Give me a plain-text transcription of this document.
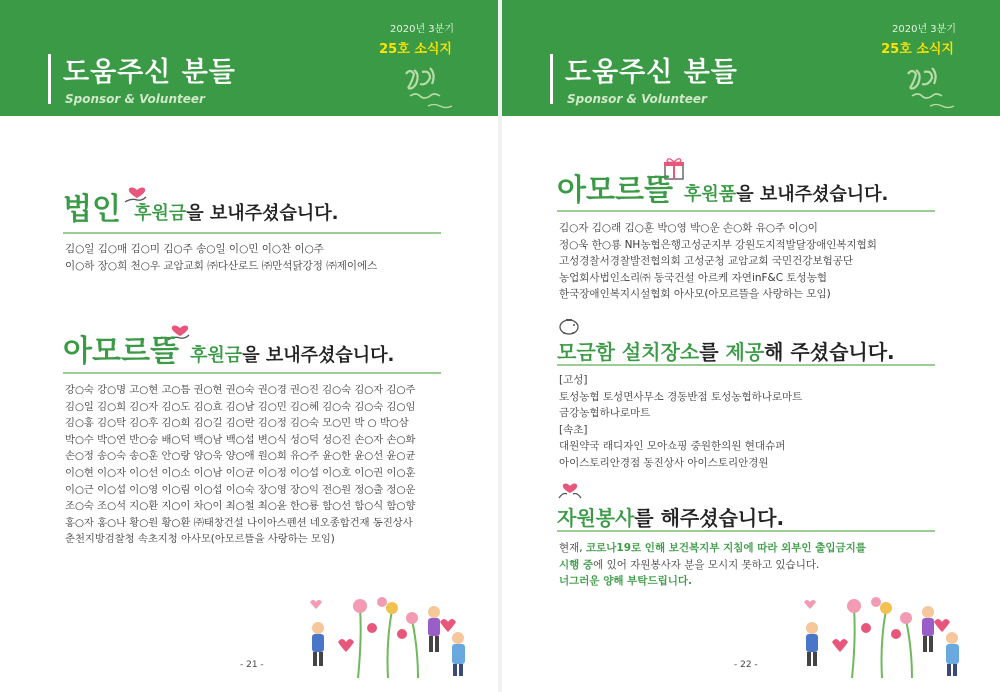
도움주신 분들
Sponsor & Volunteer
2020년 3분기
25호 소식지
법인 후원금을 보내주셨습니다.
김○일 김○매 김○미 김○주 송○일 이○민 이○찬 이○주
이○하 장○희 천○우 교암교회 ㈜다산로드 ㈜만석닭강정 ㈜제이에스
아모르뜰 후원금을 보내주셨습니다.
강○숙 강○명 고○현 고○틈 권○현 권○숙 권○경 권○진 김○숙 김○자 김○주
김○일 김○희 김○자 김○도 김○효 김○남 김○민 김○혜 김○숙 김○숙 김○임
김○홍 김○탁 김○후 김○희 김○길 김○란 김○정 김○숙 모○민 박 ○ 박○삼
박○수 박○연 반○승 배○덕 백○남 백○섭 변○식 성○덕 성○진 손○자 손○화
손○정 송○숙 송○훈 안○랑 양○욱 양○애 원○희 유○주 윤○한 윤○선 윤○균
이○현 이○자 이○선 이○소 이○남 이○균 이○정 이○섭 이○호 이○권 이○훈
이○근 이○섭 이○영 이○림 이○섭 이○숙 장○영 장○익 전○원 정○출 정○운
조○숙 조○석 지○환 지○이 차○이 최○철 최○윤 한○룡 함○선 함○식 함○향
홍○자 홍○나 황○원 황○환 ㈜태창건설 나이아스펜션 네오종합건재 동진상사
춘천지방검찰청 속초지청 아사모(아모르뜰을 사랑하는 모임)
- 21 -
도움주신 분들
Sponsor & Volunteer
2020년 3분기
25호 소식지
아모르뜰 후원품을 보내주셨습니다.
김○자 김○래 김○훈 박○영 박○운 손○화 유○주 이○이
정○욱 한○룡 NH농협은행고성군지부 강원도지적발달장애인복지협회
고성경찰서경찰발전협의회 고성군청 교암교회 국민건강보험공단
농업회사법인소리㈜ 동국건설 아르케 자연inF&C 토성농협
한국장애인복지시설협회 아사모(아모르뜰을 사랑하는 모임)
모금함 설치장소를 제공해 주셨습니다.
[고성]
토성농협 토성면사무소 경동반점 토성농협하나로마트
금강농협하나로마트
[속초]
대원약국 래디자인 모아쇼핑 중원한의원 현대슈퍼
아이스토리안경점 동진상사 아이스토리안경원
자원봉사를 해주셨습니다.
현재, 코로나19로 인해 보건복지부 지침에 따라 외부인 출입금지를
시행 중에 있어 자원봉사자 분을 모시지 못하고 있습니다.
너그러운 양해 부탁드립니다.
- 22 -
